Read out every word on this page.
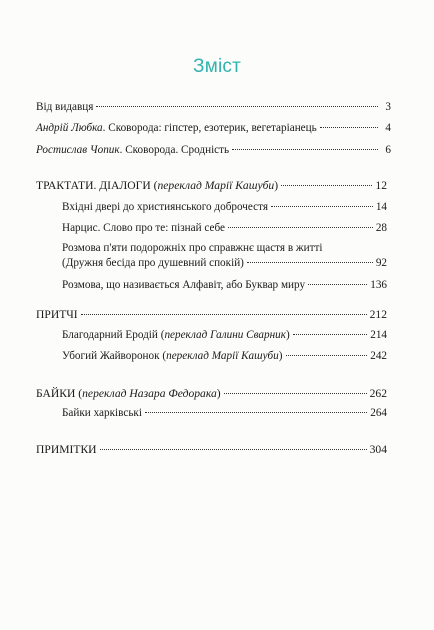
Зміст
Від видавця	3
Андрій Любка. Сковорода: гіпстер, езотерик, вегетаріанець	4
Ростислав Чопик. Сковорода. Сродність	6
ТРАКТАТИ. ДІАЛОГИ (переклад Марії Кашуби)	12
Вхідні двері до християнського доброчестя	14
Нарцис. Слово про те: пізнай себе	28
Розмова п'яти подорожніх про справжнє щастя в житті
(Дружня бесіда про душевний спокій)	92
Розмова, що називається Алфавіт, або Буквар миру	136
ПРИТЧІ	212
Благодарний Еродій (переклад Галини Сварник)	214
Убогий Жайворонок (переклад Марії Кашуби)	242
БАЙКИ (переклад Назара Федорака)	262
Байки харківські	264
ПРИМІТКИ	304
